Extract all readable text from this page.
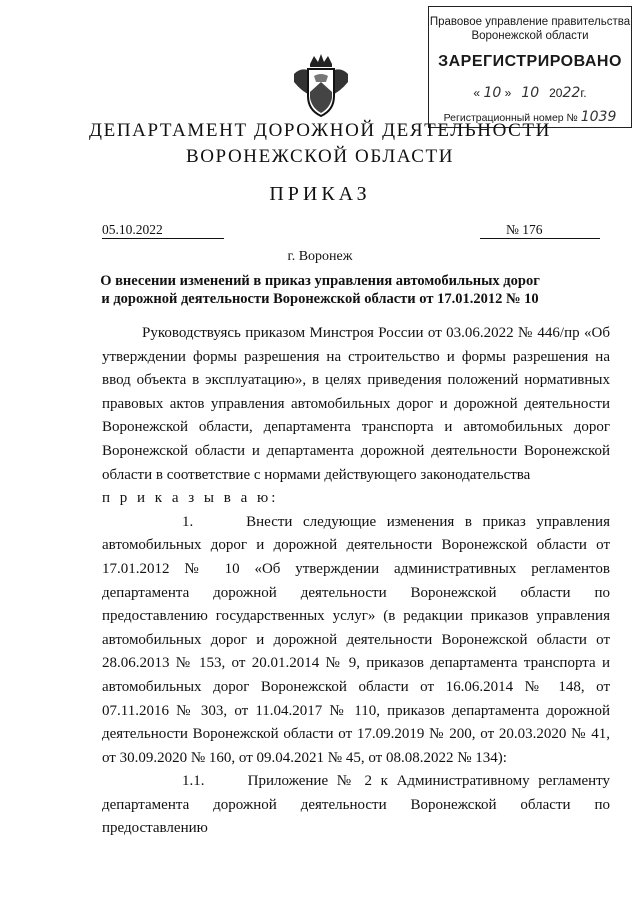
Правовое управление правительства
Воронежской области
ЗАРЕГИСТРИРОВАНО
« 10 »   10 2022г.
Регистрационный номер № 1039
ДЕПАРТАМЕНТ ДОРОЖНОЙ ДЕЯТЕЛЬНОСТИ
ВОРОНЕЖСКОЙ ОБЛАСТИ
ПРИКАЗ
05.10.2022	№ 176
г. Воронеж
О внесении изменений в приказ управления автомобильных дорог и дорожной деятельности Воронежской области от 17.01.2012 № 10

Руководствуясь приказом Минстроя России от 03.06.2022 № 446/пр «Об утверждении формы разрешения на строительство и формы разрешения на ввод объекта в эксплуатацию», в целях приведения положений нормативных правовых актов управления автомобильных дорог и дорожной деятельности Воронежской области, департамента транспорта и автомобильных дорог Воронежской области и департамента дорожной деятельности Воронежской области в соответствие с нормами действующего законодательства

п р и к а з ы в а ю:

1.	Внести следующие изменения в приказ управления автомобильных дорог и дорожной деятельности Воронежской области от 17.01.2012 № 10 «Об утверждении административных регламентов департамента дорожной деятельности Воронежской области по предоставлению государственных услуг» (в редакции приказов управления автомобильных дорог и дорожной деятельности Воронежской области от 28.06.2013 № 153, от 20.01.2014 № 9, приказов департамента транспорта и автомобильных дорог Воронежской области от 16.06.2014 № 148, от 07.11.2016 № 303, от 11.04.2017 № 110, приказов департамента дорожной деятельности Воронежской области от 17.09.2019 № 200, от 20.03.2020 № 41, от 30.09.2020 № 160, от 09.04.2021 № 45, от 08.08.2022 № 134):

1.1.	Приложение № 2 к Административному регламенту департамента дорожной деятельности Воронежской области по предоставлению
